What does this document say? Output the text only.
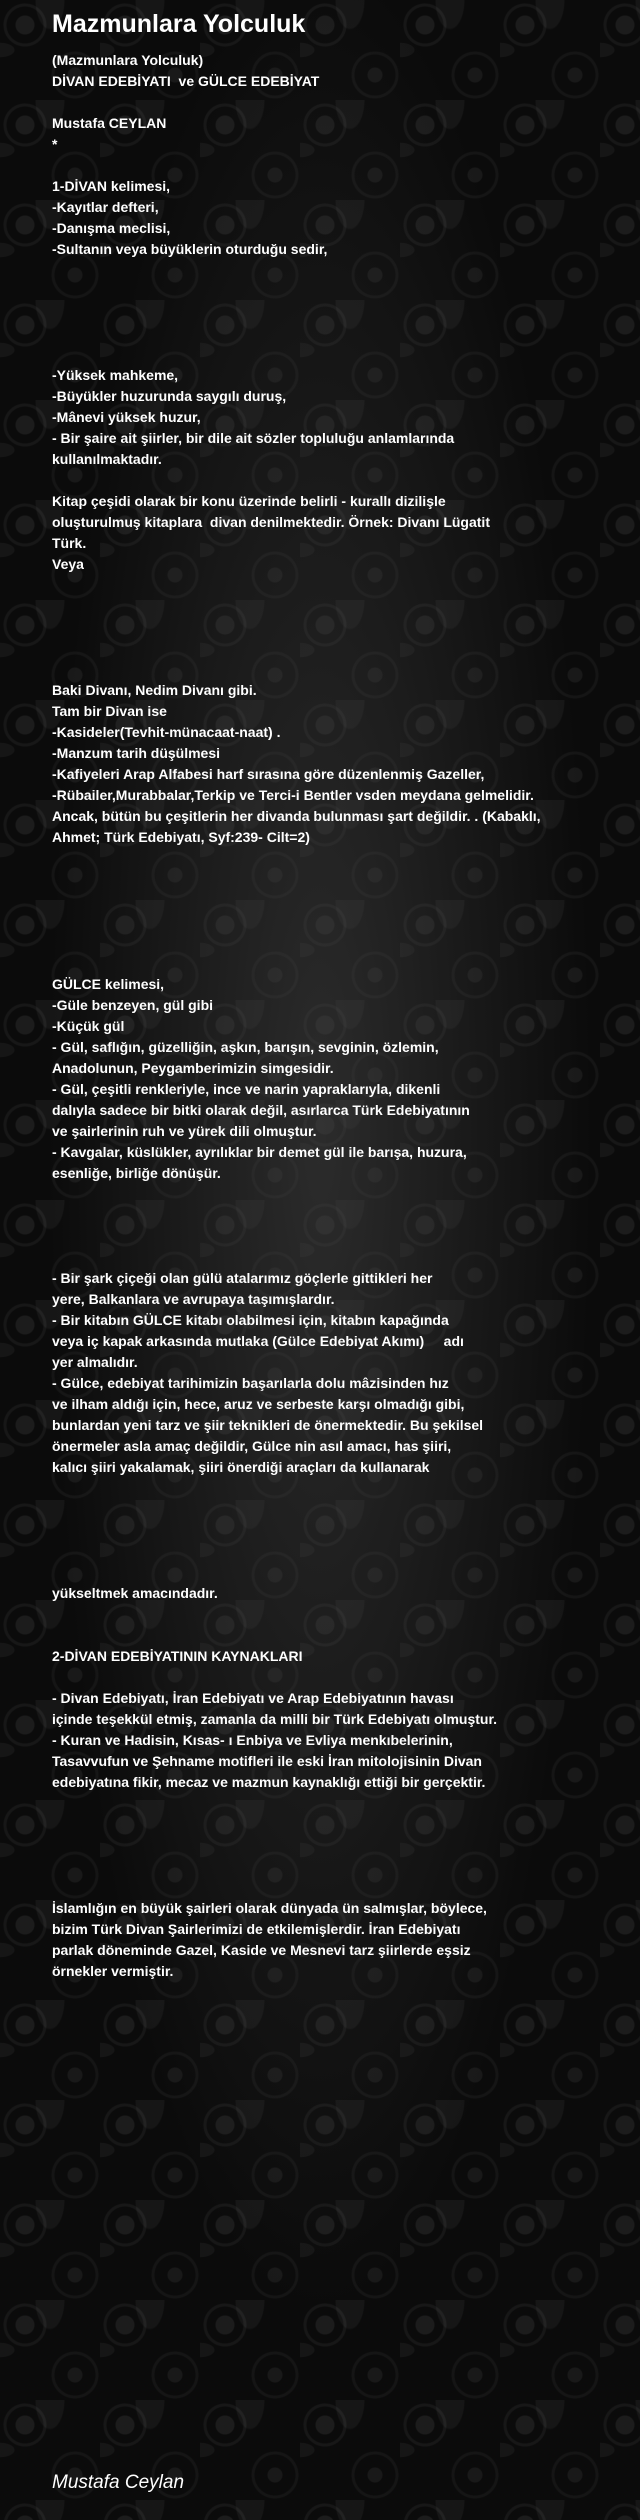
Mazmunlara Yolculuk
(Mazmunlara Yolculuk)
DİVAN EDEBİYATI  ve GÜLCE EDEBİYAT
Mustafa CEYLAN
*
1-DİVAN kelimesi,
-Kayıtlar defteri,
-Danışma meclisi,
-Sultanın veya büyüklerin oturduğu sedir,
-Yüksek mahkeme,
-Büyükler huzurunda saygılı duruş,
-Mânevi yüksek huzur,
- Bir şaire ait şiirler, bir dile ait sözler topluluğu anlamlarında
kullanılmaktadır.
Kitap çeşidi olarak bir konu üzerinde belirli - kurallı dizilişle
oluşturulmuş kitaplara  divan denilmektedir. Örnek: Divanı Lügatit
Türk.
Veya
Baki Divanı, Nedim Divanı gibi.
Tam bir Divan ise
-Kasideler(Tevhit-münacaat-naat) .
-Manzum tarih düşülmesi
-Kafiyeleri Arap Alfabesi harf sırasına göre düzenlenmiş Gazeller,
-Rübailer,Murabbalar,Terkip ve Terci-i Bentler vsden meydana gelmelidir.
Ancak, bütün bu çeşitlerin her divanda bulunması şart değildir. . (Kabaklı,
Ahmet; Türk Edebiyatı, Syf:239- Cilt=2)
GÜLCE kelimesi,
-Güle benzeyen, gül gibi
-Küçük gül
- Gül, saflığın, güzelliğin, aşkın, barışın, sevginin, özlemin,
Anadolunun, Peygamberimizin simgesidir.
- Gül, çeşitli renkleriyle, ince ve narin yapraklarıyla, dikenli
dalıyla sadece bir bitki olarak değil, asırlarca Türk Edebiyatının
ve şairlerinin ruh ve yürek dili olmuştur.
- Kavgalar, küslükler, ayrılıklar bir demet gül ile barışa, huzura,
esenliğe, birliğe dönüşür.
- Bir şark çiçeği olan gülü atalarımız göçlerle gittikleri her
yere, Balkanlara ve avrupaya taşımışlardır.
- Bir kitabın GÜLCE kitabı olabilmesi için, kitabın kapağında
veya iç kapak arkasında mutlaka (Gülce Edebiyat Akımı)     adı
yer almalıdır.
- Gülce, edebiyat tarihimizin başarılarla dolu mâzisinden hız
ve ilham aldığı için, hece, aruz ve serbeste karşı olmadığı gibi,
bunlardan yeni tarz ve şiir teknikleri de önermektedir. Bu şekilsel
önermeler asla amaç değildir, Gülce nin asıl amacı, has şiiri,
kalıcı şiiri yakalamak, şiiri önerdiği araçları da kullanarak
yükseltmek amacındadır.
2-DİVAN EDEBİYATININ KAYNAKLARI
- Divan Edebiyatı, İran Edebiyatı ve Arap Edebiyatının havası
içinde teşekkül etmiş, zamanla da milli bir Türk Edebiyatı olmuştur.
- Kuran ve Hadisin, Kısas- ı Enbiya ve Evliya menkıbelerinin,
Tasavvufun ve Şehname motifleri ile eski İran mitolojisinin Divan
edebiyatına fikir, mecaz ve mazmun kaynaklığı ettiği bir gerçektir.
İslamlığın en büyük şairleri olarak dünyada ün salmışlar, böylece,
bizim Türk Divan Şairlerimizi de etkilemişlerdir. İran Edebiyatı
parlak döneminde Gazel, Kaside ve Mesnevi tarz şiirlerde eşsiz
örnekler vermiştir.
Mustafa Ceylan
